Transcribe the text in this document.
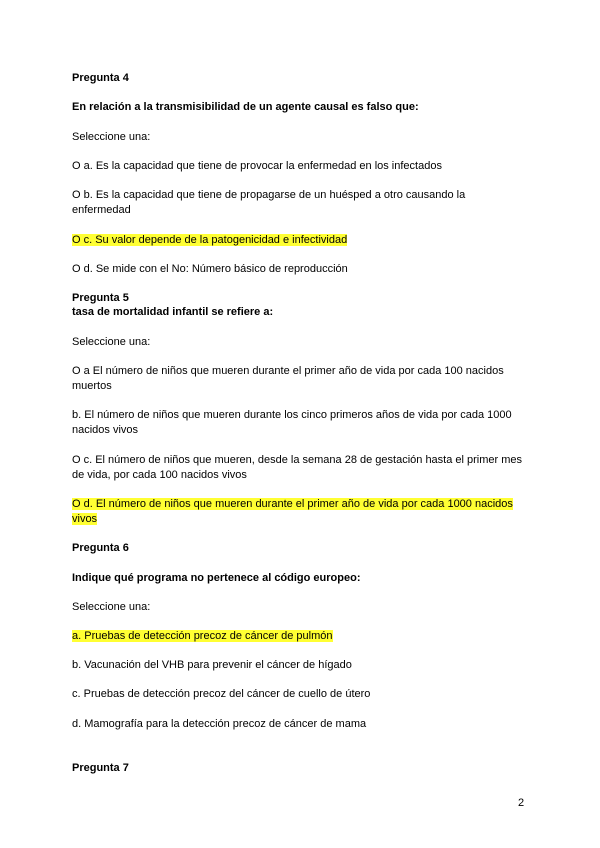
Pregunta 4
En relación a la transmisibilidad de un agente causal es falso que:
Seleccione una:
O a. Es la capacidad que tiene de provocar la enfermedad en los infectados
O b. Es la capacidad que tiene de propagarse de un huésped a otro causando la
enfermedad
O c. Su valor depende de la patogenicidad e infectividad
O d. Se mide con el No: Número básico de reproducción
Pregunta 5
tasa de mortalidad infantil se refiere a:
Seleccione una:
O a El número de niños que mueren durante el primer año de vida por cada 100 nacidos
muertos
b. El número de niños que mueren durante los cinco primeros años de vida por cada 1000
nacidos vivos
O c. El número de niños que mueren, desde la semana 28 de gestación hasta el primer mes
de vida, por cada 100 nacidos vivos
O d. El número de niños que mueren durante el primer año de vida por cada 1000 nacidos
vivos
Pregunta 6
Indique qué programa no pertenece al código europeo:
Seleccione una:
a. Pruebas de detección precoz de cáncer de pulmón
b. Vacunación del VHB para prevenir el cáncer de hígado
c. Pruebas de detección precoz del cáncer de cuello de útero
d. Mamografía para la detección precoz de cáncer de mama
Pregunta 7
2
